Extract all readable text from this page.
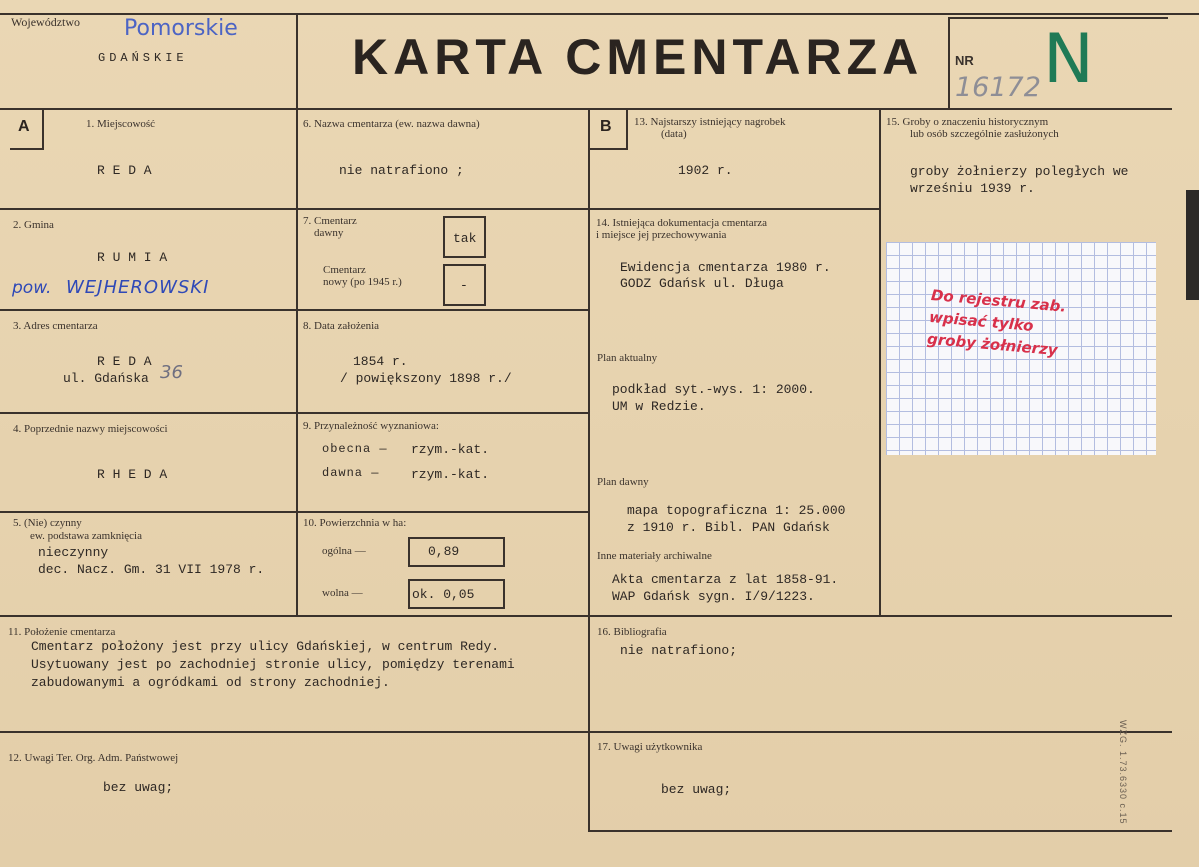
Województwo Pomorskie
GDAŃSKIE	KARTA CMENTARZA NR
16172 N
A	B
1. Miejscowość
R E D A
2. Gmina
R U M I A
pow. WEJHEROWSKI
3. Adres cmentarza
R E D A
ul. Gdańska 36
4. Poprzednie nazwy miejscowości
R H E D A
5. (Nie) czynny
ew. podstawa zamknięcia
nieczynny
dec. Nacz. Gm. 31 VII 1978 r.
6. Nazwa cmentarza (ew. nazwa dawna)
nie natrafiono ;
7. Cmentarz
dawny
Cmentarz
nowy (po 1945 r.)
tak
-
8. Data założenia
1854 r.
/ powiększony 1898 r./
9. Przynależność wyznaniowa:
obecna — rzym.-kat.
dawna — rzym.-kat.
10. Powierzchnia w ha:
ogólna —	0,89
wolna —	ok. 0,05
11. Położenie cmentarza
Cmentarz położony jest przy ulicy Gdańskiej, w centrum Redy.
Usytuowany jest po zachodniej stronie ulicy, pomiędzy terenami
zabudowanymi a ogródkami od strony zachodniej.
12. Uwagi Ter. Org. Adm. Państwowej
bez uwag;
13. Najstarszy istniejący nagrobek
(data)
1902 r.
14. Istniejąca dokumentacja cmentarza
i miejsce jej przechowywania
Ewidencja cmentarza 1980 r.
GODZ Gdańsk ul. Długa
Plan aktualny
podkład syt.-wys. 1: 2000.
UM w Redzie.
Plan dawny
mapa topograficzna 1: 25.000
z 1910 r. Bibl. PAN Gdańsk
Inne materiały archiwalne
Akta cmentarza z lat 1858-91.
WAP Gdańsk sygn. I/9/1223.
15. Groby o znaczeniu historycznym
lub osób szczególnie zasłużonych
groby żołnierzy poległych we
wrześniu 1939 r.
Do rejestru zab.
wpisać tylko
groby żołnierzy
16. Bibliografia
nie natrafiono;
17. Uwagi użytkownika
bez uwag;	WZG. 1.73.6330 c.15
